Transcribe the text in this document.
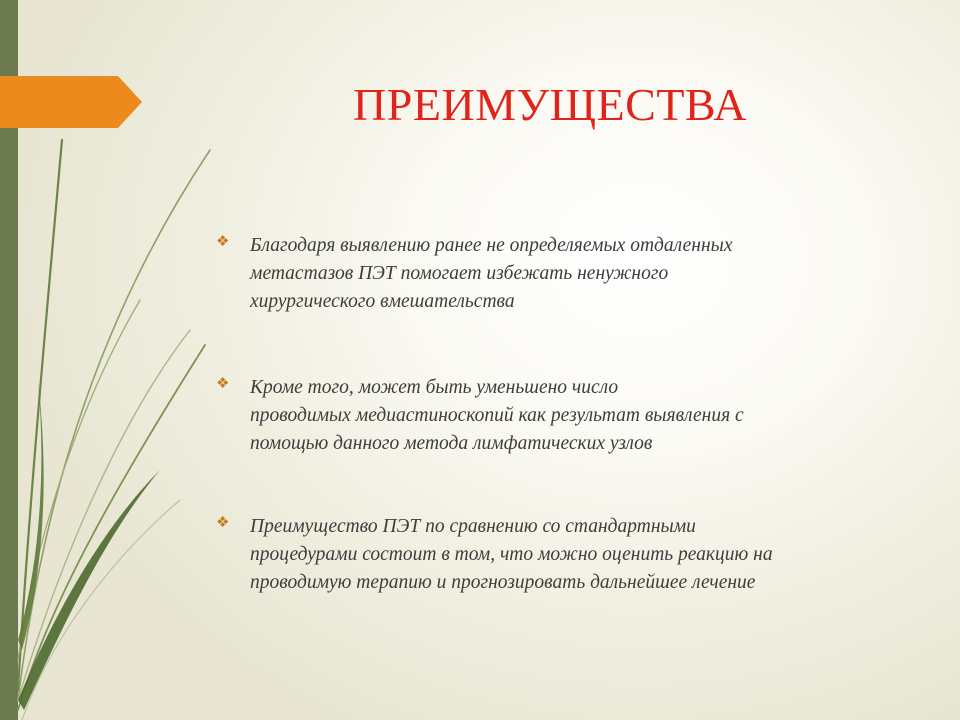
ПРЕИМУЩЕСТВА
❖ Благодаря выявлению ранее не определяемых отдаленных
метастазов ПЭТ помогает избежать ненужного
хирургического вмешательства
❖ Кроме того, может быть уменьшено число
проводимых медиастиноскопий как результат выявления с
помощью данного метода лимфатических узлов
❖ Преимущество ПЭТ по сравнению со стандартными
процедурами состоит в том, что можно оценить реакцию на
проводимую терапию и прогнозировать дальнейшее лечение
